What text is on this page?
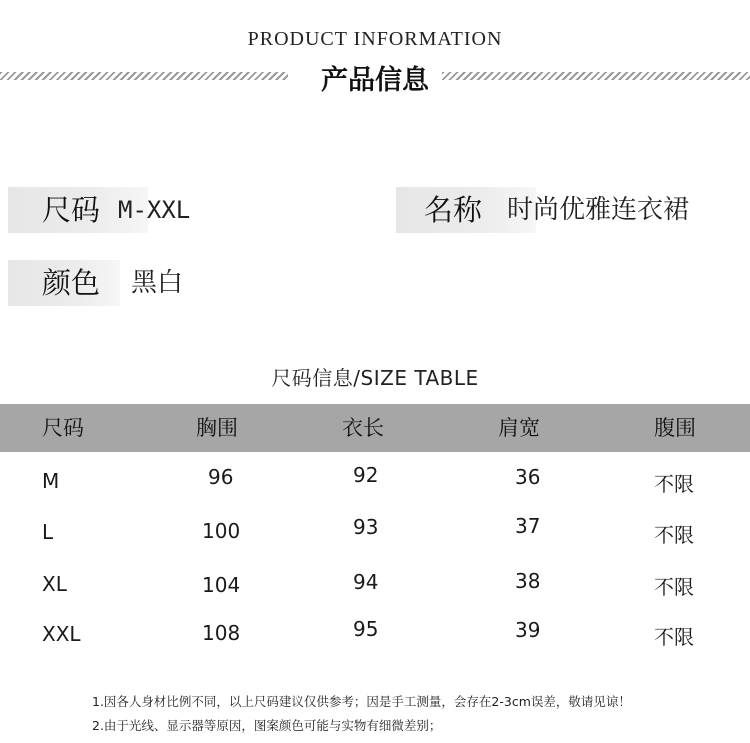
PRODUCT INFORMATION
产品信息
尺码 M-XXL	名称 时尚优雅连衣裙
颜色	黑白
尺码信息/SIZE TABLE
尺码	胸围	衣长	肩宽	腹围
M	96	92	36	不限
L	100	93	37	不限
XL	104	94	38	不限
XXL	108	95	39	不限
1.因各人身材比例不同，以上尺码建议仅供参考；因是手工测量，会存在2-3cm误差，敬请见谅！
2.由于光线、显示器等原因，图案颜色可能与实物有细微差别；
